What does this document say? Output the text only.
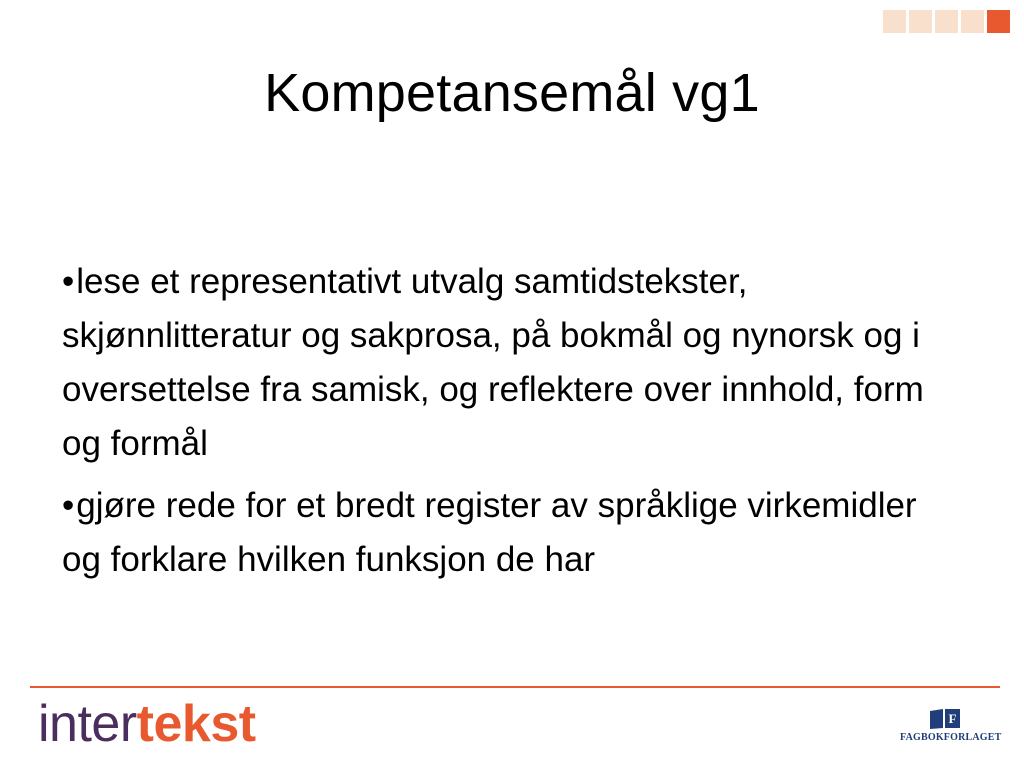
Kompetansemål vg1
•lese et representativt utvalg samtidstekster, skjønnlitteratur og sakprosa, på bokmål og nynorsk og i oversettelse fra samisk, og reflektere over innhold, form og formål
•gjøre rede for et bredt register av språklige virkemidler og forklare hvilken funksjon de har
intertekst	F
FAGBOKFORLAGET
